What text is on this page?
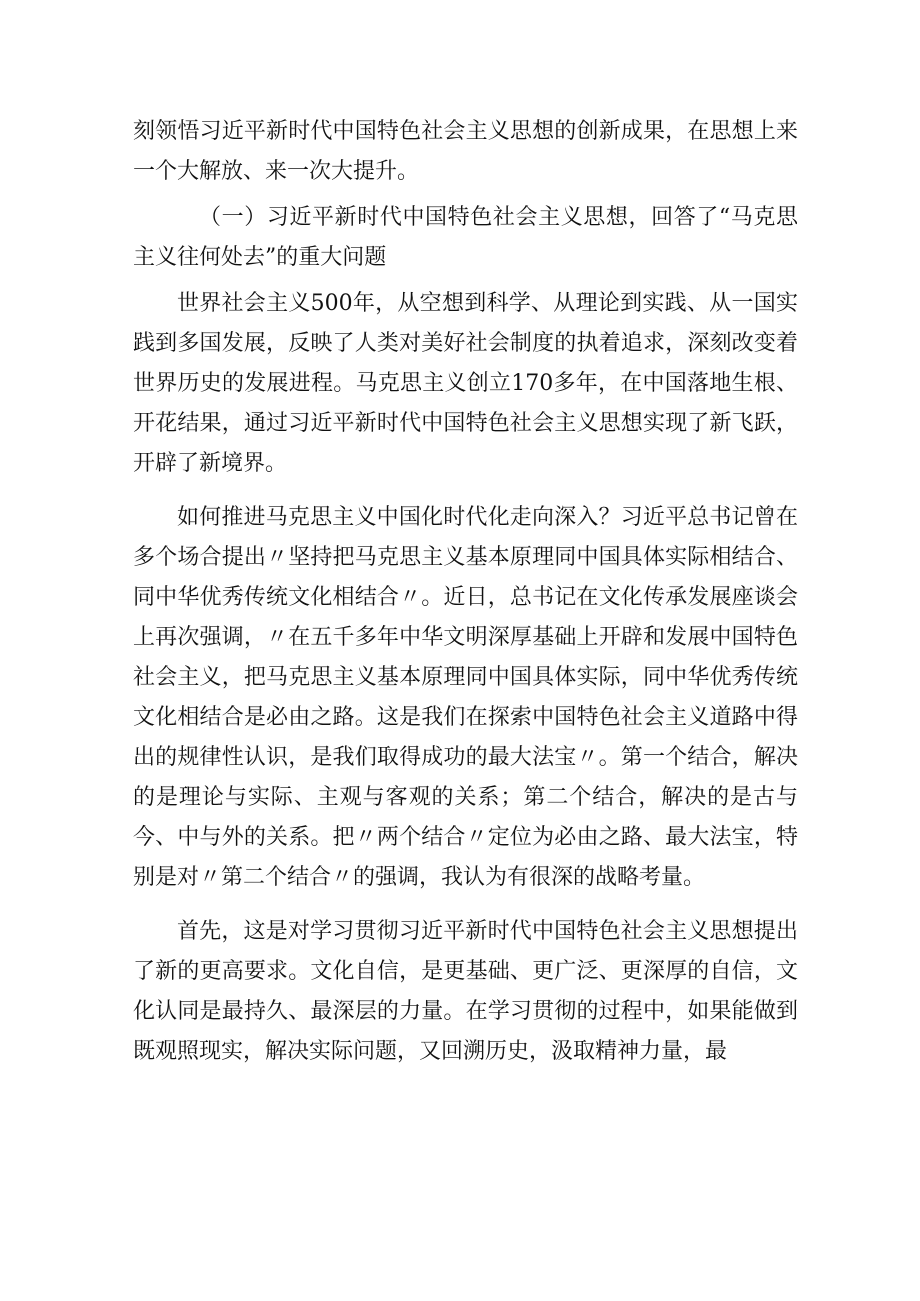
刻领悟习近平新时代中国特色社会主义思想的创新成果，在思想上来一个大解放、来一次大提升。

（一）习近平新时代中国特色社会主义思想，回答了“马克思主义往何处去”的重大问题

世界社会主义500年，从空想到科学、从理论到实践、从一国实践到多国发展，反映了人类对美好社会制度的执着追求，深刻改变着世界历史的发展进程。马克思主义创立170多年，在中国落地生根、开花结果，通过习近平新时代中国特色社会主义思想实现了新飞跃，开辟了新境界。

如何推进马克思主义中国化时代化走向深入？习近平总书记曾在多个场合提出〃坚持把马克思主义基本原理同中国具体实际相结合、同中华优秀传统文化相结合〃。近日，总书记在文化传承发展座谈会上再次强调，〃在五千多年中华文明深厚基础上开辟和发展中国特色社会主义，把马克思主义基本原理同中国具体实际，同中华优秀传统文化相结合是必由之路。这是我们在探索中国特色社会主义道路中得出的规律性认识，是我们取得成功的最大法宝〃。第一个结合，解决的是理论与实际、主观与客观的关系；第二个结合，解决的是古与今、中与外的关系。把〃两个结合〃定位为必由之路、最大法宝，特别是对〃第二个结合〃的强调，我认为有很深的战略考量。

首先，这是对学习贯彻习近平新时代中国特色社会主义思想提出了新的更高要求。文化自信，是更基础、更广泛、更深厚的自信，文化认同是最持久、最深层的力量。在学习贯彻的过程中，如果能做到既观照现实，解决实际问题，又回溯历史，汲取精神力量，最
